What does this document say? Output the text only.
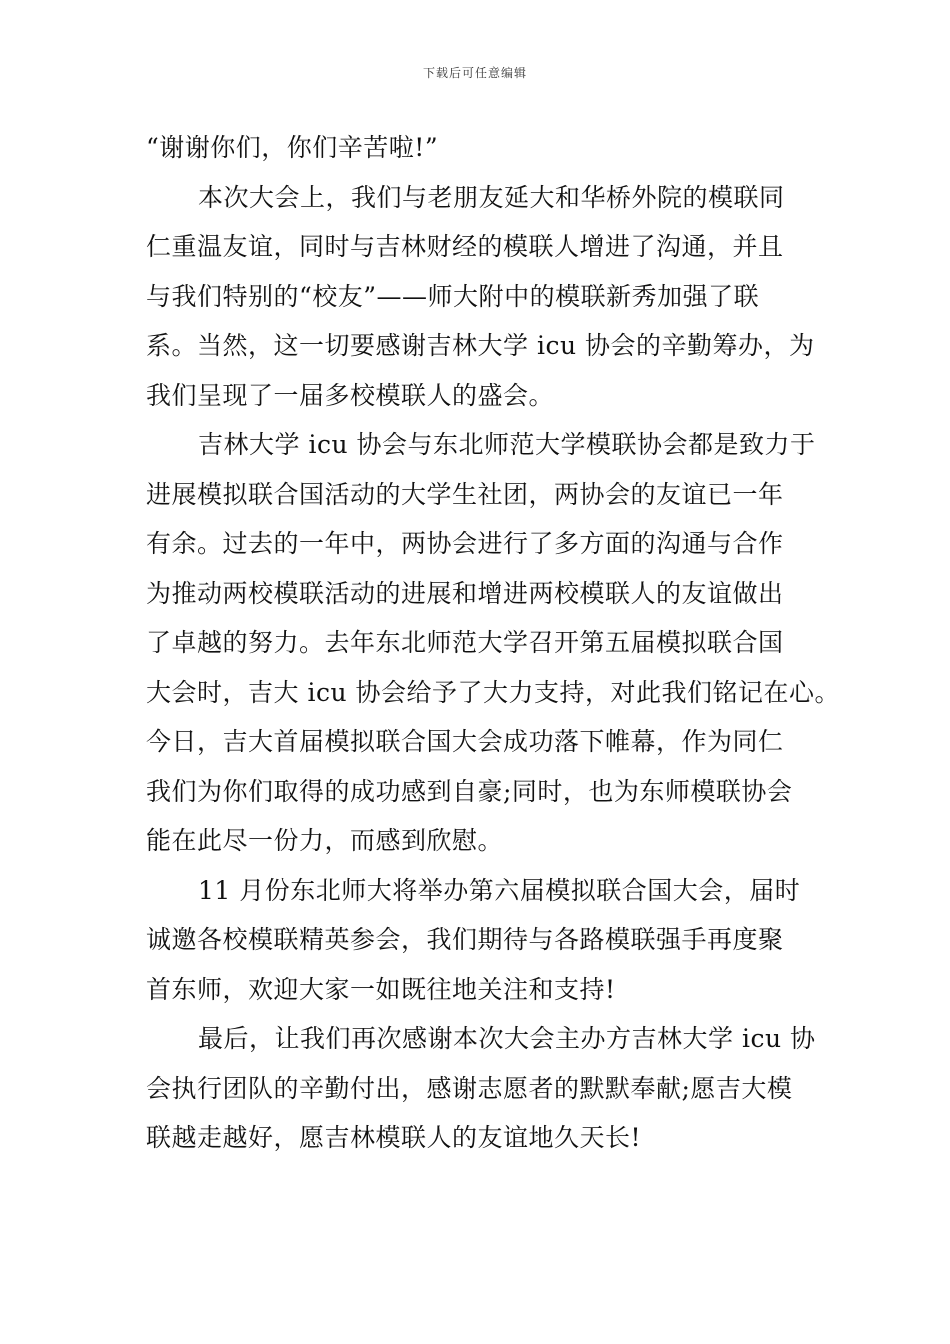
下载后可任意编辑
“谢谢你们，你们辛苦啦!”
本次大会上，我们与老朋友延大和华桥外院的模联同
仁重温友谊，同时与吉林财经的模联人增进了沟通，并且
与我们特别的“校友”——师大附中的模联新秀加强了联
系。当然，这一切要感谢吉林大学 icu 协会的辛勤筹办，为
我们呈现了一届多校模联人的盛会。
吉林大学 icu 协会与东北师范大学模联协会都是致力于
进展模拟联合国活动的大学生社团，两协会的友谊已一年
有余。过去的一年中，两协会进行了多方面的沟通与合作
为推动两校模联活动的进展和增进两校模联人的友谊做出
了卓越的努力。去年东北师范大学召开第五届模拟联合国
大会时，吉大 icu 协会给予了大力支持，对此我们铭记在心。
今日，吉大首届模拟联合国大会成功落下帷幕，作为同仁
我们为你们取得的成功感到自豪;同时，也为东师模联协会
能在此尽一份力，而感到欣慰。
11 月份东北师大将举办第六届模拟联合国大会，届时
诚邀各校模联精英参会，我们期待与各路模联强手再度聚
首东师，欢迎大家一如既往地关注和支持!
最后，让我们再次感谢本次大会主办方吉林大学 icu 协
会执行团队的辛勤付出，感谢志愿者的默默奉献;愿吉大模
联越走越好，愿吉林模联人的友谊地久天长!
